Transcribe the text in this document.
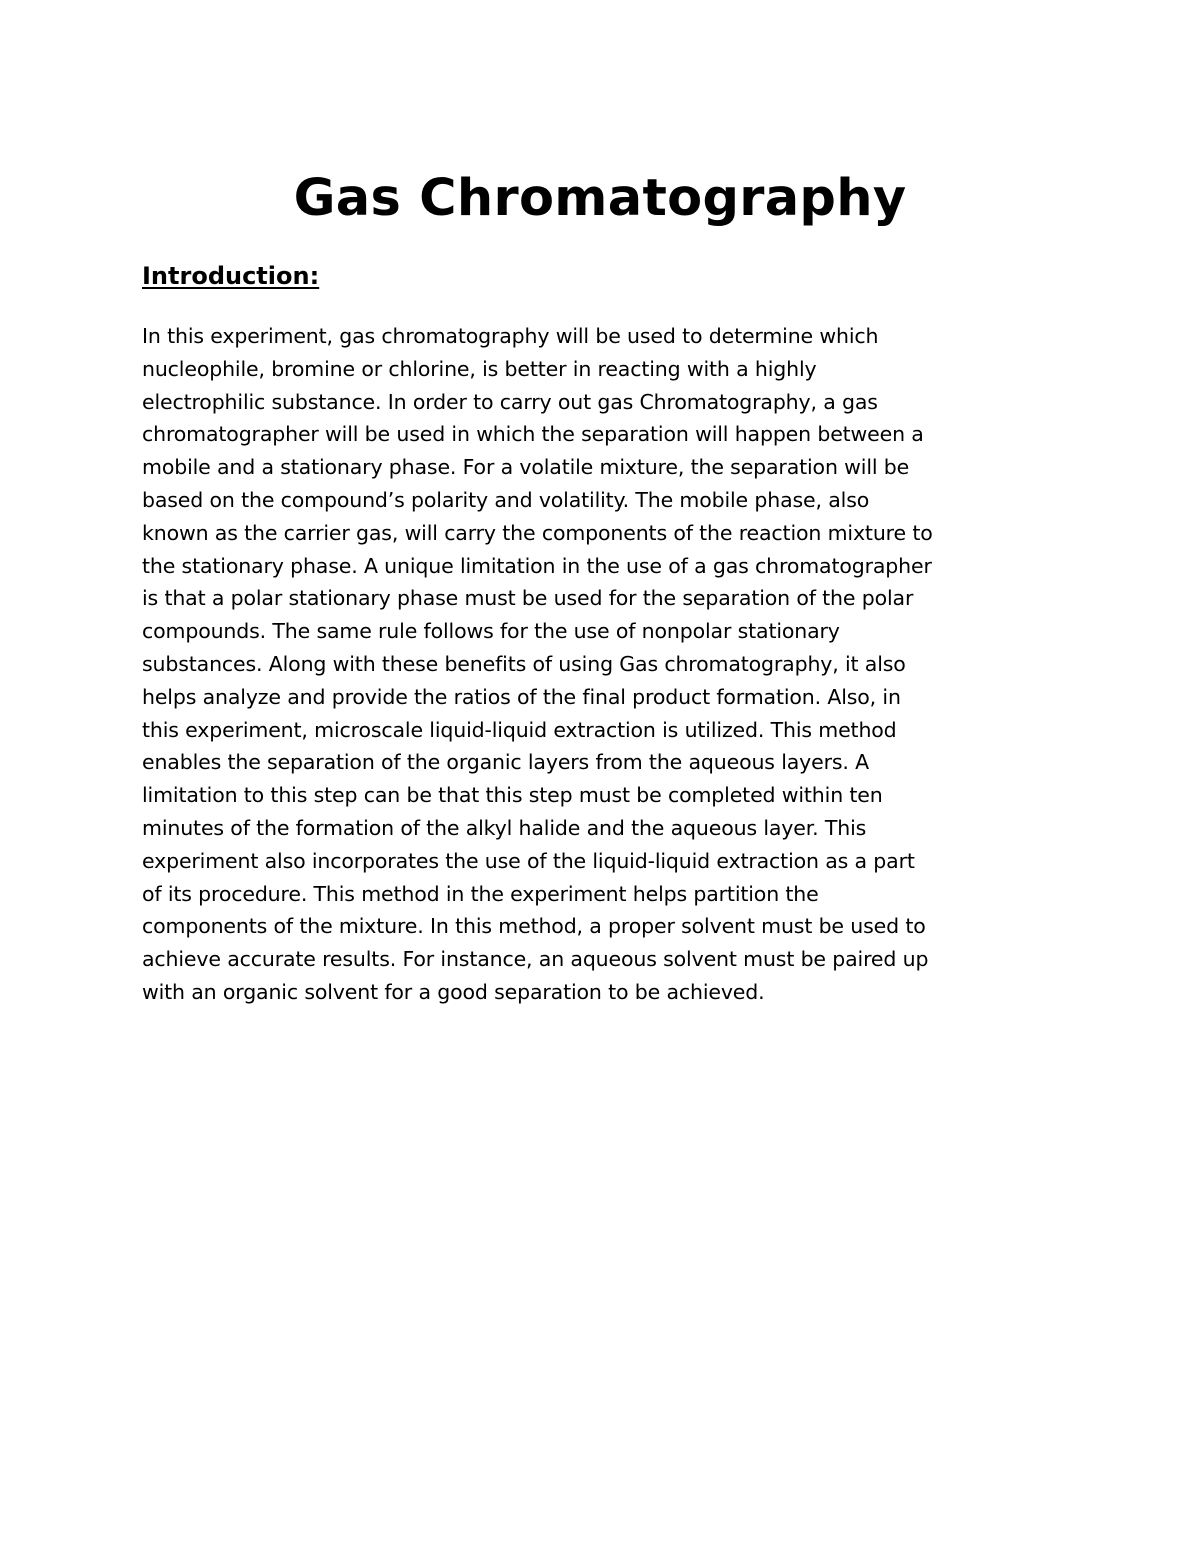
Gas Chromatography
Introduction:
In this experiment, gas chromatography will be used to determine which
nucleophile, bromine or chlorine, is better in reacting with a highly
electrophilic substance. In order to carry out gas Chromatography, a gas
chromatographer will be used in which the separation will happen between a
mobile and a stationary phase. For a volatile mixture, the separation will be
based on the compound’s polarity and volatility. The mobile phase, also
known as the carrier gas, will carry the components of the reaction mixture to
the stationary phase. A unique limitation in the use of a gas chromatographer
is that a polar stationary phase must be used for the separation of the polar
compounds. The same rule follows for the use of nonpolar stationary
substances. Along with these benefits of using Gas chromatography, it also
helps analyze and provide the ratios of the final product formation. Also, in
this experiment, microscale liquid-liquid extraction is utilized. This method
enables the separation of the organic layers from the aqueous layers. A
limitation to this step can be that this step must be completed within ten
minutes of the formation of the alkyl halide and the aqueous layer. This
experiment also incorporates the use of the liquid-liquid extraction as a part
of its procedure. This method in the experiment helps partition the
components of the mixture. In this method, a proper solvent must be used to
achieve accurate results. For instance, an aqueous solvent must be paired up
with an organic solvent for a good separation to be achieved.
